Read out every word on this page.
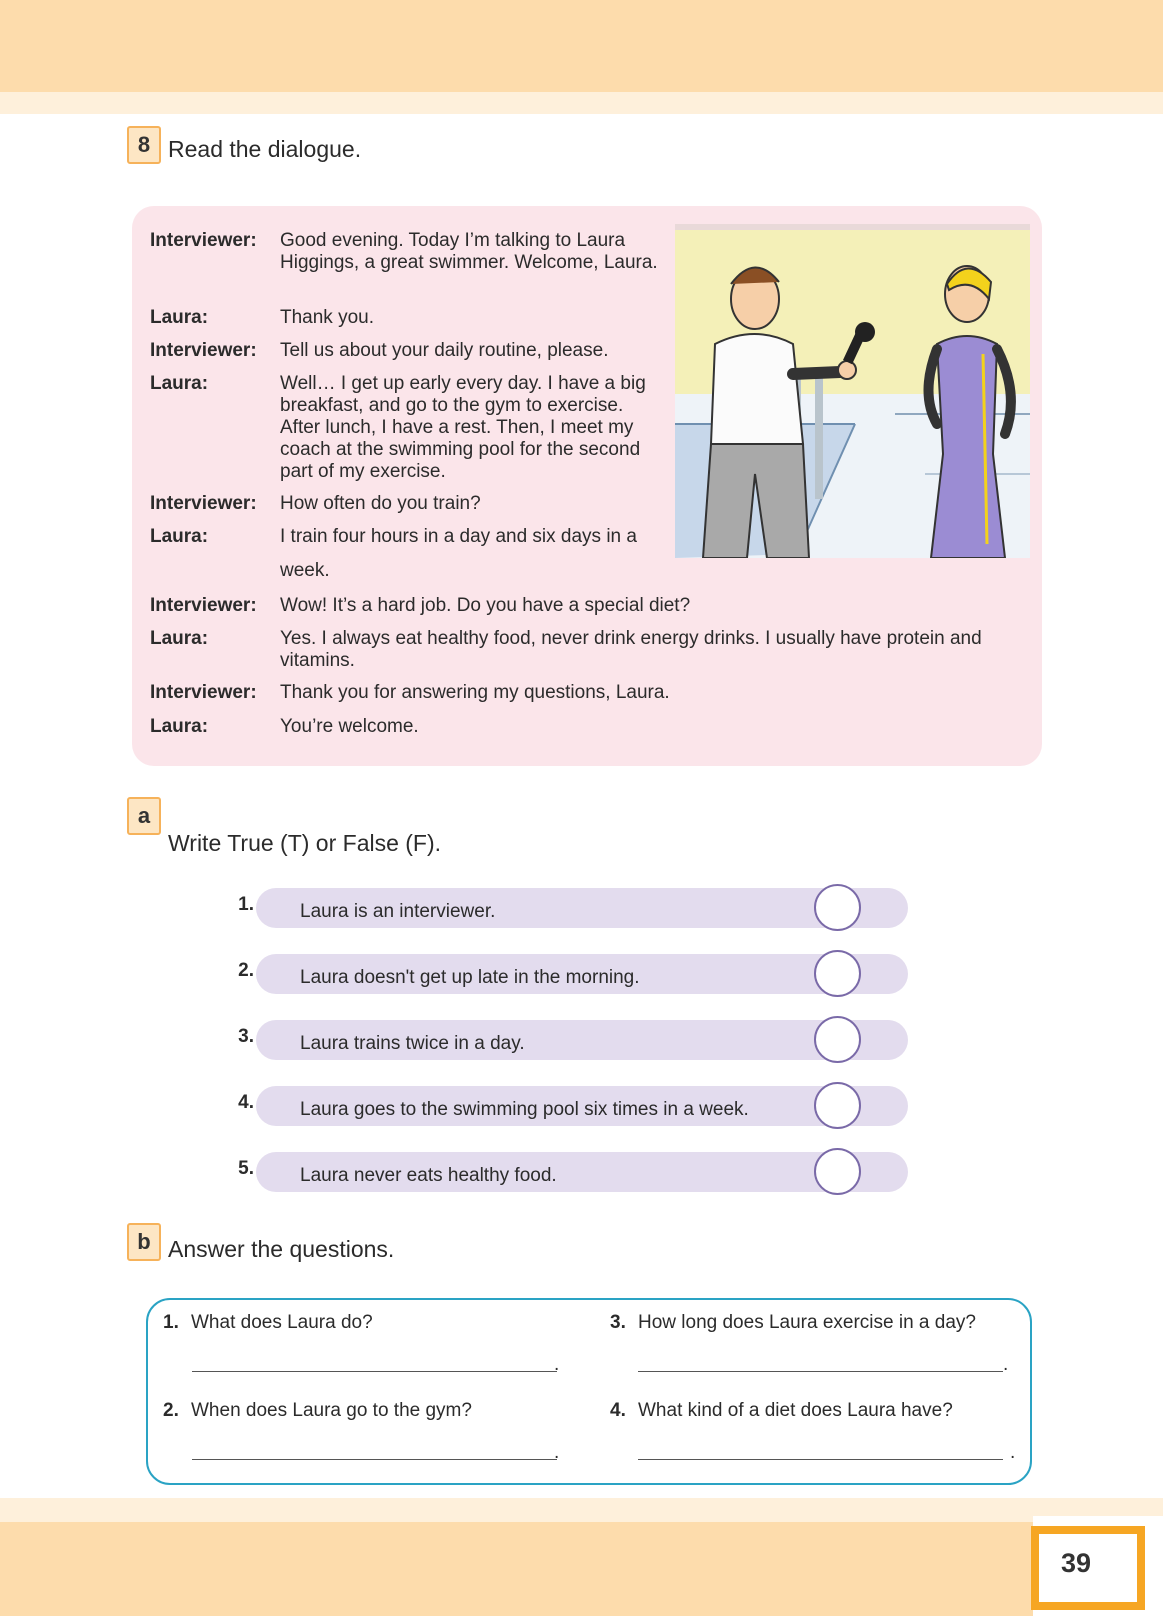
8 Read the dialogue.
Interviewer: Good evening. Today I’m talking to Laura Higgings, a great swimmer. Welcome, Laura.
Laura:	Thank you.
Interviewer: Tell us about your daily routine, please.
Laura:	Well… I get up early every day. I have a big breakfast, and go to the gym to exercise. After lunch, I have a rest. Then, I meet my coach at the swimming pool for the second part of my exercise.
Interviewer: How often do you train?
Laura:	I train four hours in a day and six days in a week.
Interviewer: Wow! It’s a hard job. Do you have a special diet?
Laura:	Yes. I always eat healthy food, never drink energy drinks. I usually have protein and vitamins.
Interviewer: Thank you for answering my questions, Laura.
Laura:	You’re welcome.
a
Write True (T) or False (F).
1. Laura is an interviewer.
2. Laura doesn't get up late in the morning.
3. Laura trains twice in a day.
4. Laura goes to the swimming pool six times in a week.
5. Laura never eats healthy food.
b Answer the questions.
1. What does Laura do?
.
2. When does Laura go to the gym?
.
3. How long does Laura exercise in a day?
.
4. What kind of a diet does Laura have?
.
39
